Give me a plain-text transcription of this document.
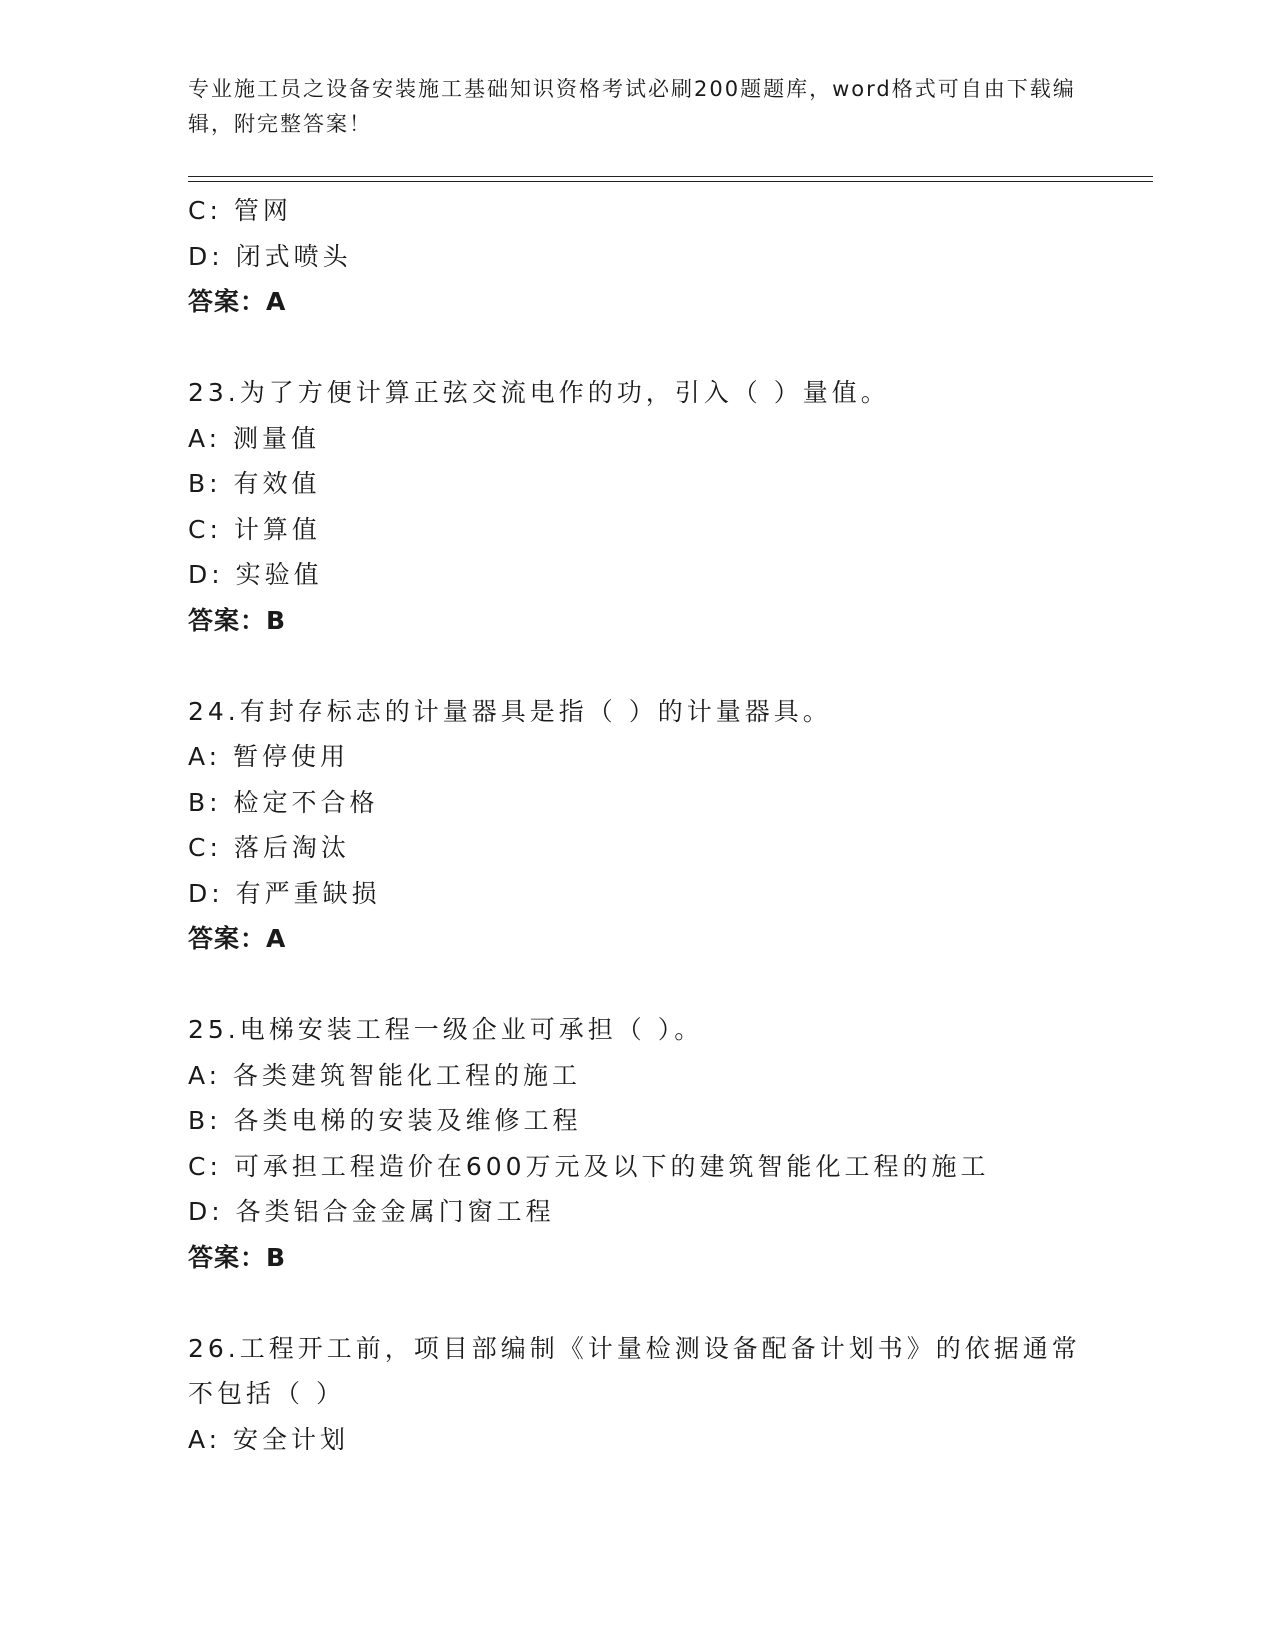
专业施工员之设备安装施工基础知识资格考试必刷200题题库，word格式可自由下载编辑，附完整答案！
C: 管网
D: 闭式喷头
答案：A
23.为了方便计算正弦交流电作的功，引入（ ）量值。
A: 测量值
B: 有效值
C: 计算值
D: 实验值
答案：B
24.有封存标志的计量器具是指（ ）的计量器具。
A: 暂停使用
B: 检定不合格
C: 落后淘汰
D: 有严重缺损
答案：A
25.电梯安装工程一级企业可承担（ ）。
A: 各类建筑智能化工程的施工
B: 各类电梯的安装及维修工程
C: 可承担工程造价在600万元及以下的建筑智能化工程的施工
D: 各类铝合金金属门窗工程
答案：B
26.工程开工前，项目部编制《计量检测设备配备计划书》的依据通常
不包括（ ）
A: 安全计划
